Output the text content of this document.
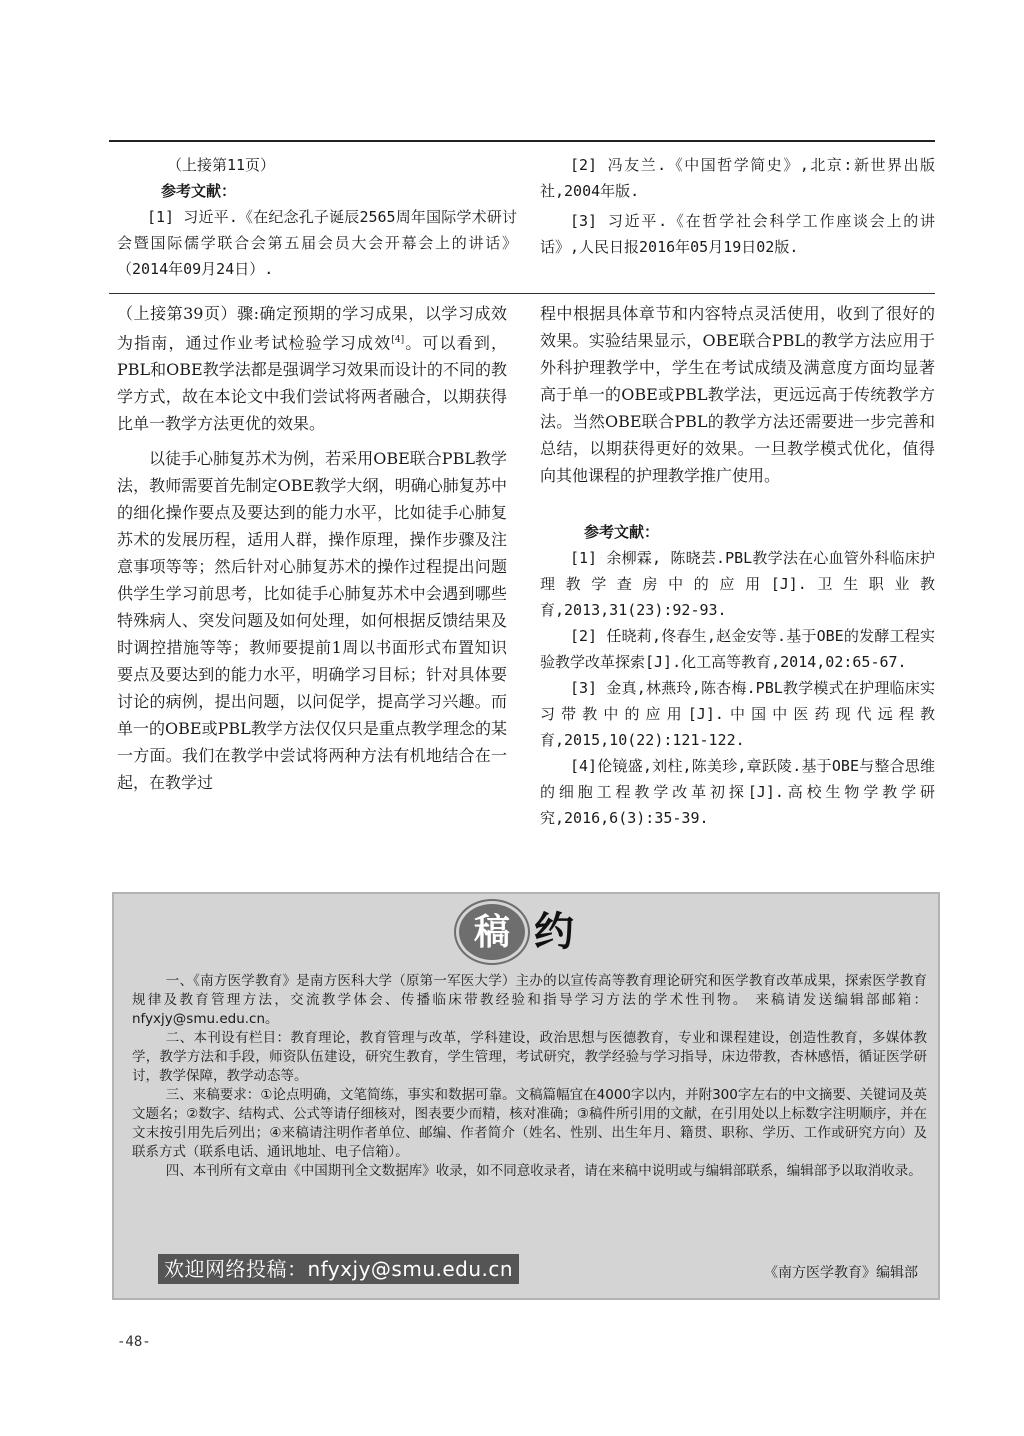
（上接第11页）

参考文献：

[1] 习近平.《在纪念孔子诞辰2565周年国际学术研讨会暨国际儒学联合会第五届会员大会开幕会上的讲话》（2014年09月24日）.

[2] 冯友兰.《中国哲学简史》,北京:新世界出版社,2004年版.

[3] 习近平.《在哲学社会科学工作座谈会上的讲话》,人民日报2016年05月19日02版.

（上接第39页）骤:确定预期的学习成果，以学习成效为指南，通过作业考试检验学习成效[4]。可以看到，PBL和OBE教学法都是强调学习效果而设计的不同的教学方式，故在本论文中我们尝试将两者融合，以期获得比单一教学方法更优的效果。

以徒手心肺复苏术为例，若采用OBE联合PBL教学法，教师需要首先制定OBE教学大纲，明确心肺复苏中的细化操作要点及要达到的能力水平，比如徒手心肺复苏术的发展历程，适用人群，操作原理，操作步骤及注意事项等等；然后针对心肺复苏术的操作过程提出问题供学生学习前思考，比如徒手心肺复苏术中会遇到哪些特殊病人、突发问题及如何处理，如何根据反馈结果及时调控措施等等；教师要提前1周以书面形式布置知识要点及要达到的能力水平，明确学习目标；针对具体要讨论的病例，提出问题，以问促学，提高学习兴趣。而单一的OBE或PBL教学方法仅仅只是重点教学理念的某一方面。我们在教学中尝试将两种方法有机地结合在一起，在教学过

程中根据具体章节和内容特点灵活使用，收到了很好的效果。实验结果显示，OBE联合PBL的教学方法应用于外科护理教学中，学生在考试成绩及满意度方面均显著高于单一的OBE或PBL教学法，更远远高于传统教学方法。当然OBE联合PBL的教学方法还需要进一步完善和总结，以期获得更好的效果。一旦教学模式优化，值得向其他课程的护理教学推广使用。

参考文献：

[1] 余柳霖, 陈晓芸.PBL教学法在心血管外科临床护理教学查房中的应用[J].卫生职业教育,2013,31(23):92-93.

[2] 任晓莉,佟春生,赵金安等.基于OBE的发酵工程实验教学改革探索[J].化工高等教育,2014,02:65-67.

[3] 金真,林燕玲,陈杏梅.PBL教学模式在护理临床实习带教中的应用[J].中国中医药现代远程教育,2015,10(22):121-122.

[4]伦镜盛,刘柱,陈美珍,章跃陵.基于OBE与整合思维的细胞工程教学改革初探[J].高校生物学教学研究,2016,6(3):35-39.

稿 约

一、《南方医学教育》是南方医科大学（原第一军医大学）主办的以宣传高等教育理论研究和医学教育改革成果，探索医学教育规律及教育管理方法，交流教学体会、传播临床带教经验和指导学习方法的学术性刊物。 来稿请发送编辑部邮箱：nfyxjy@smu.edu.cn。

二、本刊设有栏目：教育理论，教育管理与改革，学科建设，政治思想与医德教育，专业和课程建设，创造性教育，多媒体教学，教学方法和手段，师资队伍建设，研究生教育，学生管理，考试研究，教学经验与学习指导，床边带教，杏林感悟，循证医学研讨，教学保障，教学动态等。

三、来稿要求：①论点明确，文笔简练，事实和数据可靠。文稿篇幅宜在4000字以内，并附300字左右的中文摘要、关键词及英文题名；②数字、结构式、公式等请仔细核对，图表要少而精，核对准确；③稿件所引用的文献，在引用处以上标数字注明顺序，并在文末按引用先后列出；④来稿请注明作者单位、邮编、作者简介（姓名、性别、出生年月、籍贯、职称、学历、工作或研究方向）及联系方式（联系电话、通讯地址、电子信箱）。

四、本刊所有文章由《中国期刊全文数据库》收录，如不同意收录者，请在来稿中说明或与编辑部联系，编辑部予以取消收录。

欢迎网络投稿：nfyxjy@smu.edu.cn	《南方医学教育》编辑部
-48-
